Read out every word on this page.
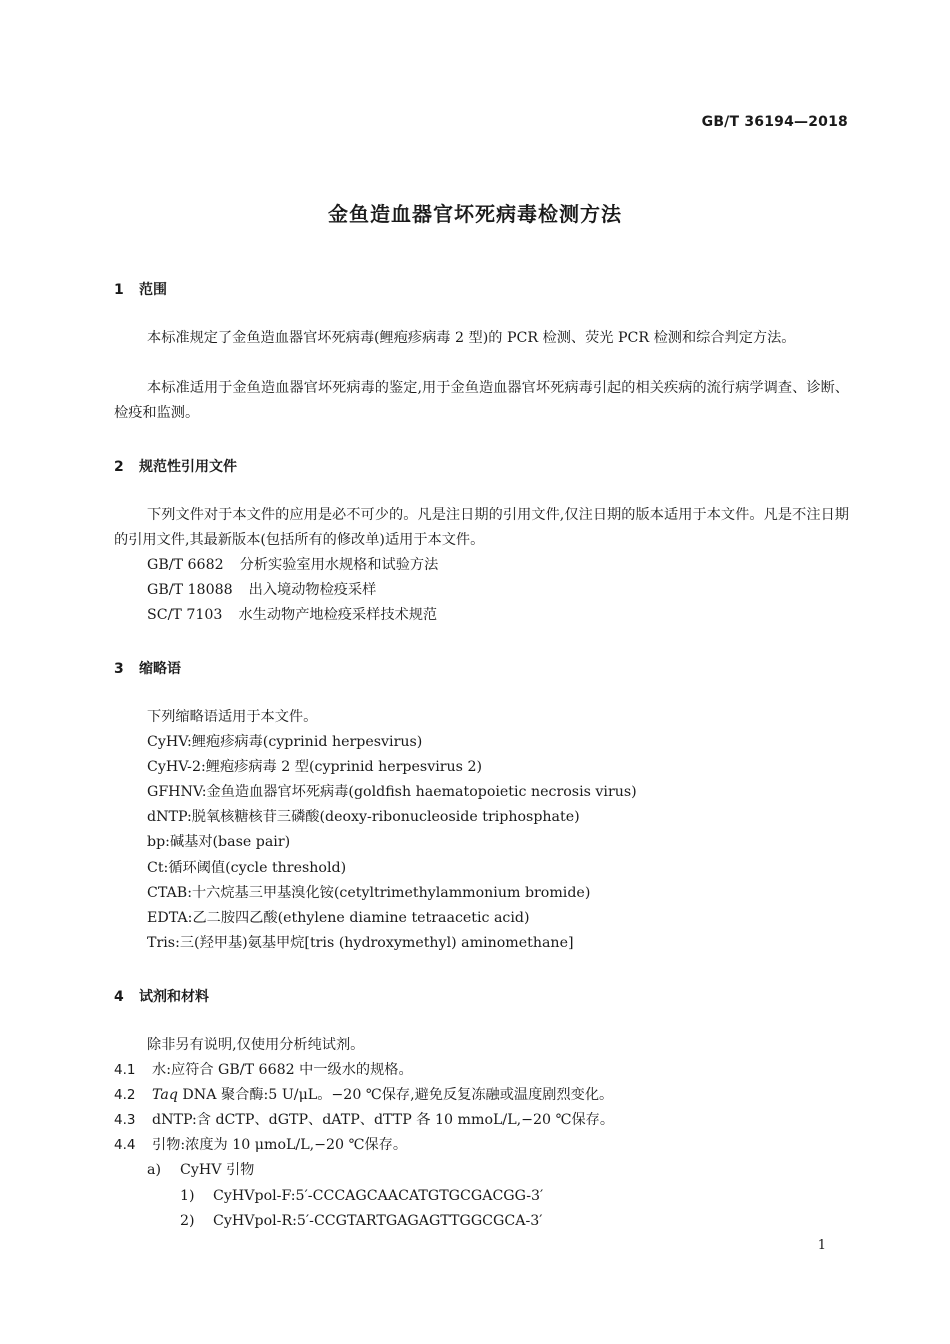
GB/T 36194—2018
金鱼造血器官坏死病毒检测方法
1 范围
本标准规定了金鱼造血器官坏死病毒(鲤疱疹病毒 2 型)的 PCR 检测、荧光 PCR 检测和综合判定方法。
本标准适用于金鱼造血器官坏死病毒的鉴定,用于金鱼造血器官坏死病毒引起的相关疾病的流行病学调查、诊断、检疫和监测。
2 规范性引用文件
下列文件对于本文件的应用是必不可少的。凡是注日期的引用文件,仅注日期的版本适用于本文件。凡是不注日期的引用文件,其最新版本(包括所有的修改单)适用于本文件。
GB/T 6682 分析实验室用水规格和试验方法
GB/T 18088 出入境动物检疫采样
SC/T 7103 水生动物产地检疫采样技术规范
3 缩略语
下列缩略语适用于本文件。
CyHV:鲤疱疹病毒(cyprinid herpesvirus)
CyHV-2:鲤疱疹病毒 2 型(cyprinid herpesvirus 2)
GFHNV:金鱼造血器官坏死病毒(goldfish haematopoietic necrosis virus)
dNTP:脱氧核糖核苷三磷酸(deoxy-ribonucleoside triphosphate)
bp:碱基对(base pair)
Ct:循环阈值(cycle threshold)
CTAB:十六烷基三甲基溴化铵(cetyltrimethylammonium bromide)
EDTA:乙二胺四乙酸(ethylene diamine tetraacetic acid)
Tris:三(羟甲基)氨基甲烷[tris (hydroxymethyl) aminomethane]
4 试剂和材料
除非另有说明,仅使用分析纯试剂。
4.1 水:应符合 GB/T 6682 中一级水的规格。
4.2 Taq DNA 聚合酶:5 U/μL。−20 ℃保存,避免反复冻融或温度剧烈变化。
4.3 dNTP:含 dCTP、dGTP、dATP、dTTP 各 10 mmoL/L,−20 ℃保存。
4.4 引物:浓度为 10 μmoL/L,−20 ℃保存。
a) CyHV 引物
1) CyHVpol-F:5′-CCCAGCAACATGTGCGACGG-3′
2) CyHVpol-R:5′-CCGTARTGAGAGTTGGCGCA-3′
1
